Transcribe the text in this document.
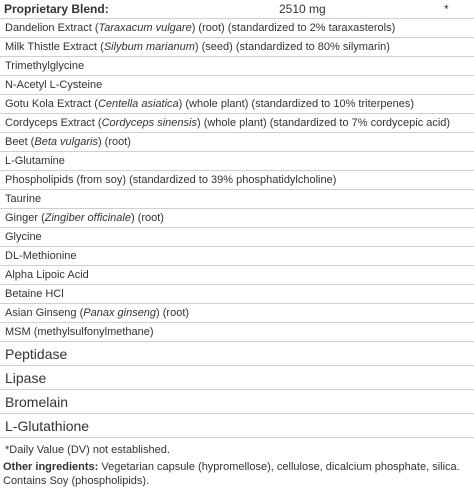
Proprietary Blend:	2510 mg	*
Dandelion Extract (Taraxacum vulgare) (root) (standardized to 2% taraxasterols)
Milk Thistle Extract (Silybum marianum) (seed) (standardized to 80% silymarin)
Trimethylglycine
N-Acetyl L-Cysteine
Gotu Kola Extract (Centella asiatica) (whole plant) (standardized to 10% triterpenes)
Cordyceps Extract (Cordyceps sinensis) (whole plant) (standardized to 7% cordycepic acid)
Beet (Beta vulgaris) (root)
L-Glutamine
Phospholipids (from soy) (standardized to 39% phosphatidylcholine)
Taurine
Ginger (Zingiber officinale) (root)
Glycine
DL-Methionine
Alpha Lipoic Acid
Betaine HCl
Asian Ginseng (Panax ginseng) (root)
MSM (methylsulfonylmethane)
Peptidase
Lipase
Bromelain
L-Glutathione
*Daily Value (DV) not established.
Other ingredients: Vegetarian capsule (hypromellose), cellulose, dicalcium phosphate, silica. Contains Soy (phospholipids).
